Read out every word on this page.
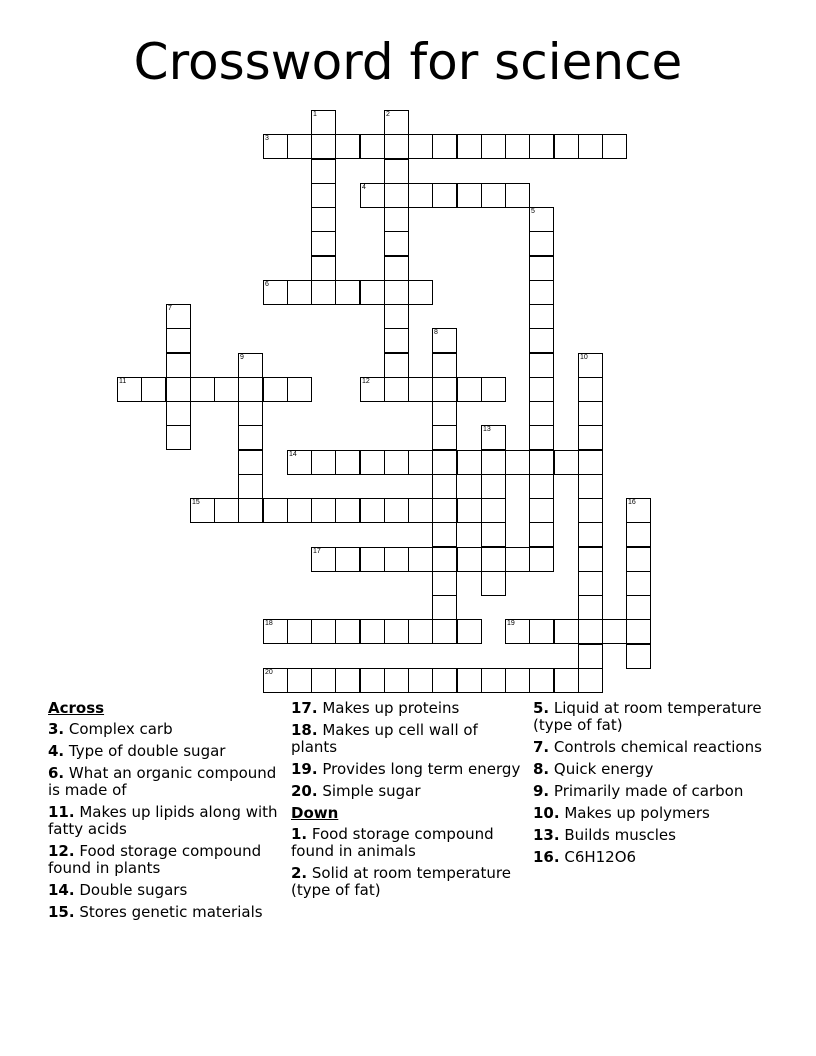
Crossword for science
3
4
6
11	12
14
15
17
18	19
20
1	2
5
7
8
9	10
13
16
Across
3. Complex carb
4. Type of double sugar
6. What an organic compound is made of
11. Makes up lipids along with fatty acids
12. Food storage compound found in plants
14. Double sugars
15. Stores genetic materials
17. Makes up proteins
18. Makes up cell wall of plants
19. Provides long term energy
20. Simple sugar
Down
1. Food storage compound found in animals
2. Solid at room temperature (type of fat)
5. Liquid at room temperature (type of fat)
7. Controls chemical reactions
8. Quick energy
9. Primarily made of carbon
10. Makes up polymers
13. Builds muscles
16. C6H12O6
